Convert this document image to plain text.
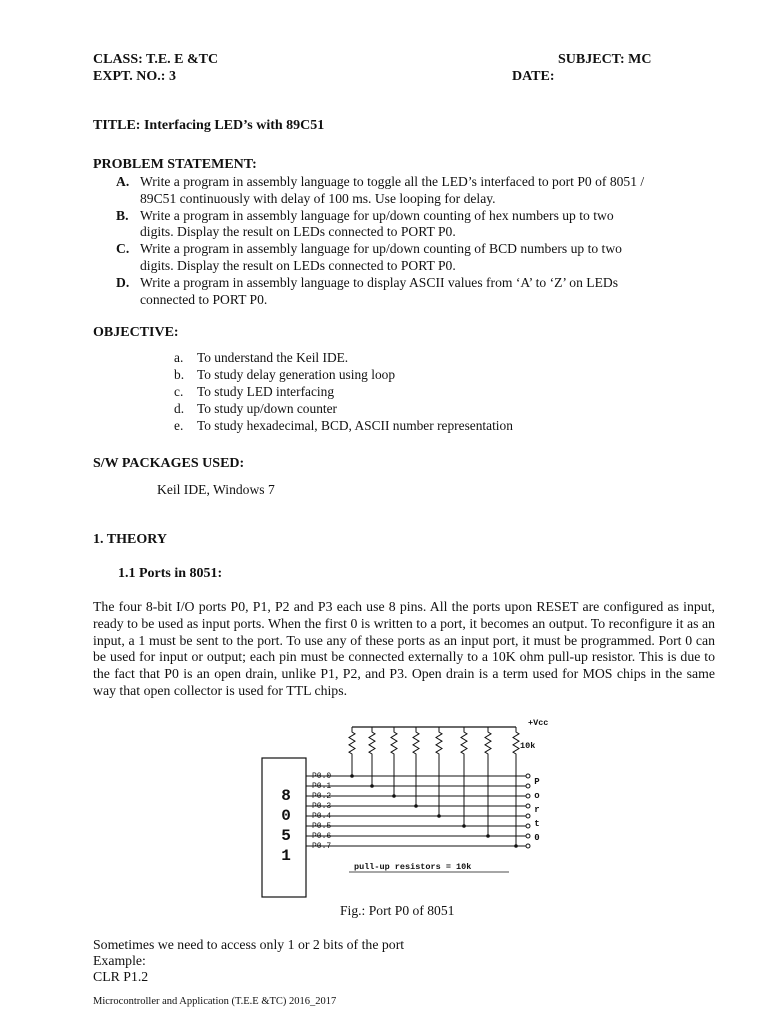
CLASS: T.E. E &TC	SUBJECT: MC
EXPT. NO.: 3	DATE:
TITLE: Interfacing LED’s with 89C51
PROBLEM STATEMENT:
A. Write a program in assembly language to toggle all the LED’s interfaced to port P0 of 8051 /
89C51 continuously with delay of 100 ms. Use looping for delay.
B. Write a program in assembly language for up/down counting of hex numbers up to two
digits. Display the result on LEDs connected to PORT P0.
C. Write a program in assembly language for up/down counting of BCD numbers up to two
digits. Display the result on LEDs connected to PORT P0.
D. Write a program in assembly language to display ASCII values from ‘A’ to ‘Z’ on LEDs
connected to PORT P0.
OBJECTIVE:
a. To understand the Keil IDE.
b. To study delay generation using loop
c. To study LED interfacing
d. To study up/down counter
e. To study hexadecimal, BCD, ASCII number representation
S/W PACKAGES USED:
Keil IDE, Windows 7
1. THEORY
1.1 Ports in 8051:
The four 8-bit I/O ports P0, P1, P2 and P3 each use 8 pins. All the ports upon RESET are configured as input, ready to be used as input ports. When the first 0 is written to a port, it becomes an output. To reconfigure it as an input, a 1 must be sent to the port. To use any of these ports as an input port, it must be programmed. Port 0 can be used for input or output; each pin must be connected externally to a 10K ohm pull-up resistor. This is due to the fact that P0 is an open drain, unlike P1, P2, and P3. Open drain is a term used for MOS chips in the same way that open collector is used for TTL chips.
8
0
5
1
+Vcc
10k
P0.0
P0.1
P0.2
P0.3
P0.4
P0.5
P0.6
P0.7
P
o
r
t
0
pull-up resistors = 10k
Fig.: Port P0 of 8051
Sometimes we need to access only 1 or 2 bits of the port
Example:
CLR P1.2
Microcontroller and Application (T.E.E &TC) 2016_2017
